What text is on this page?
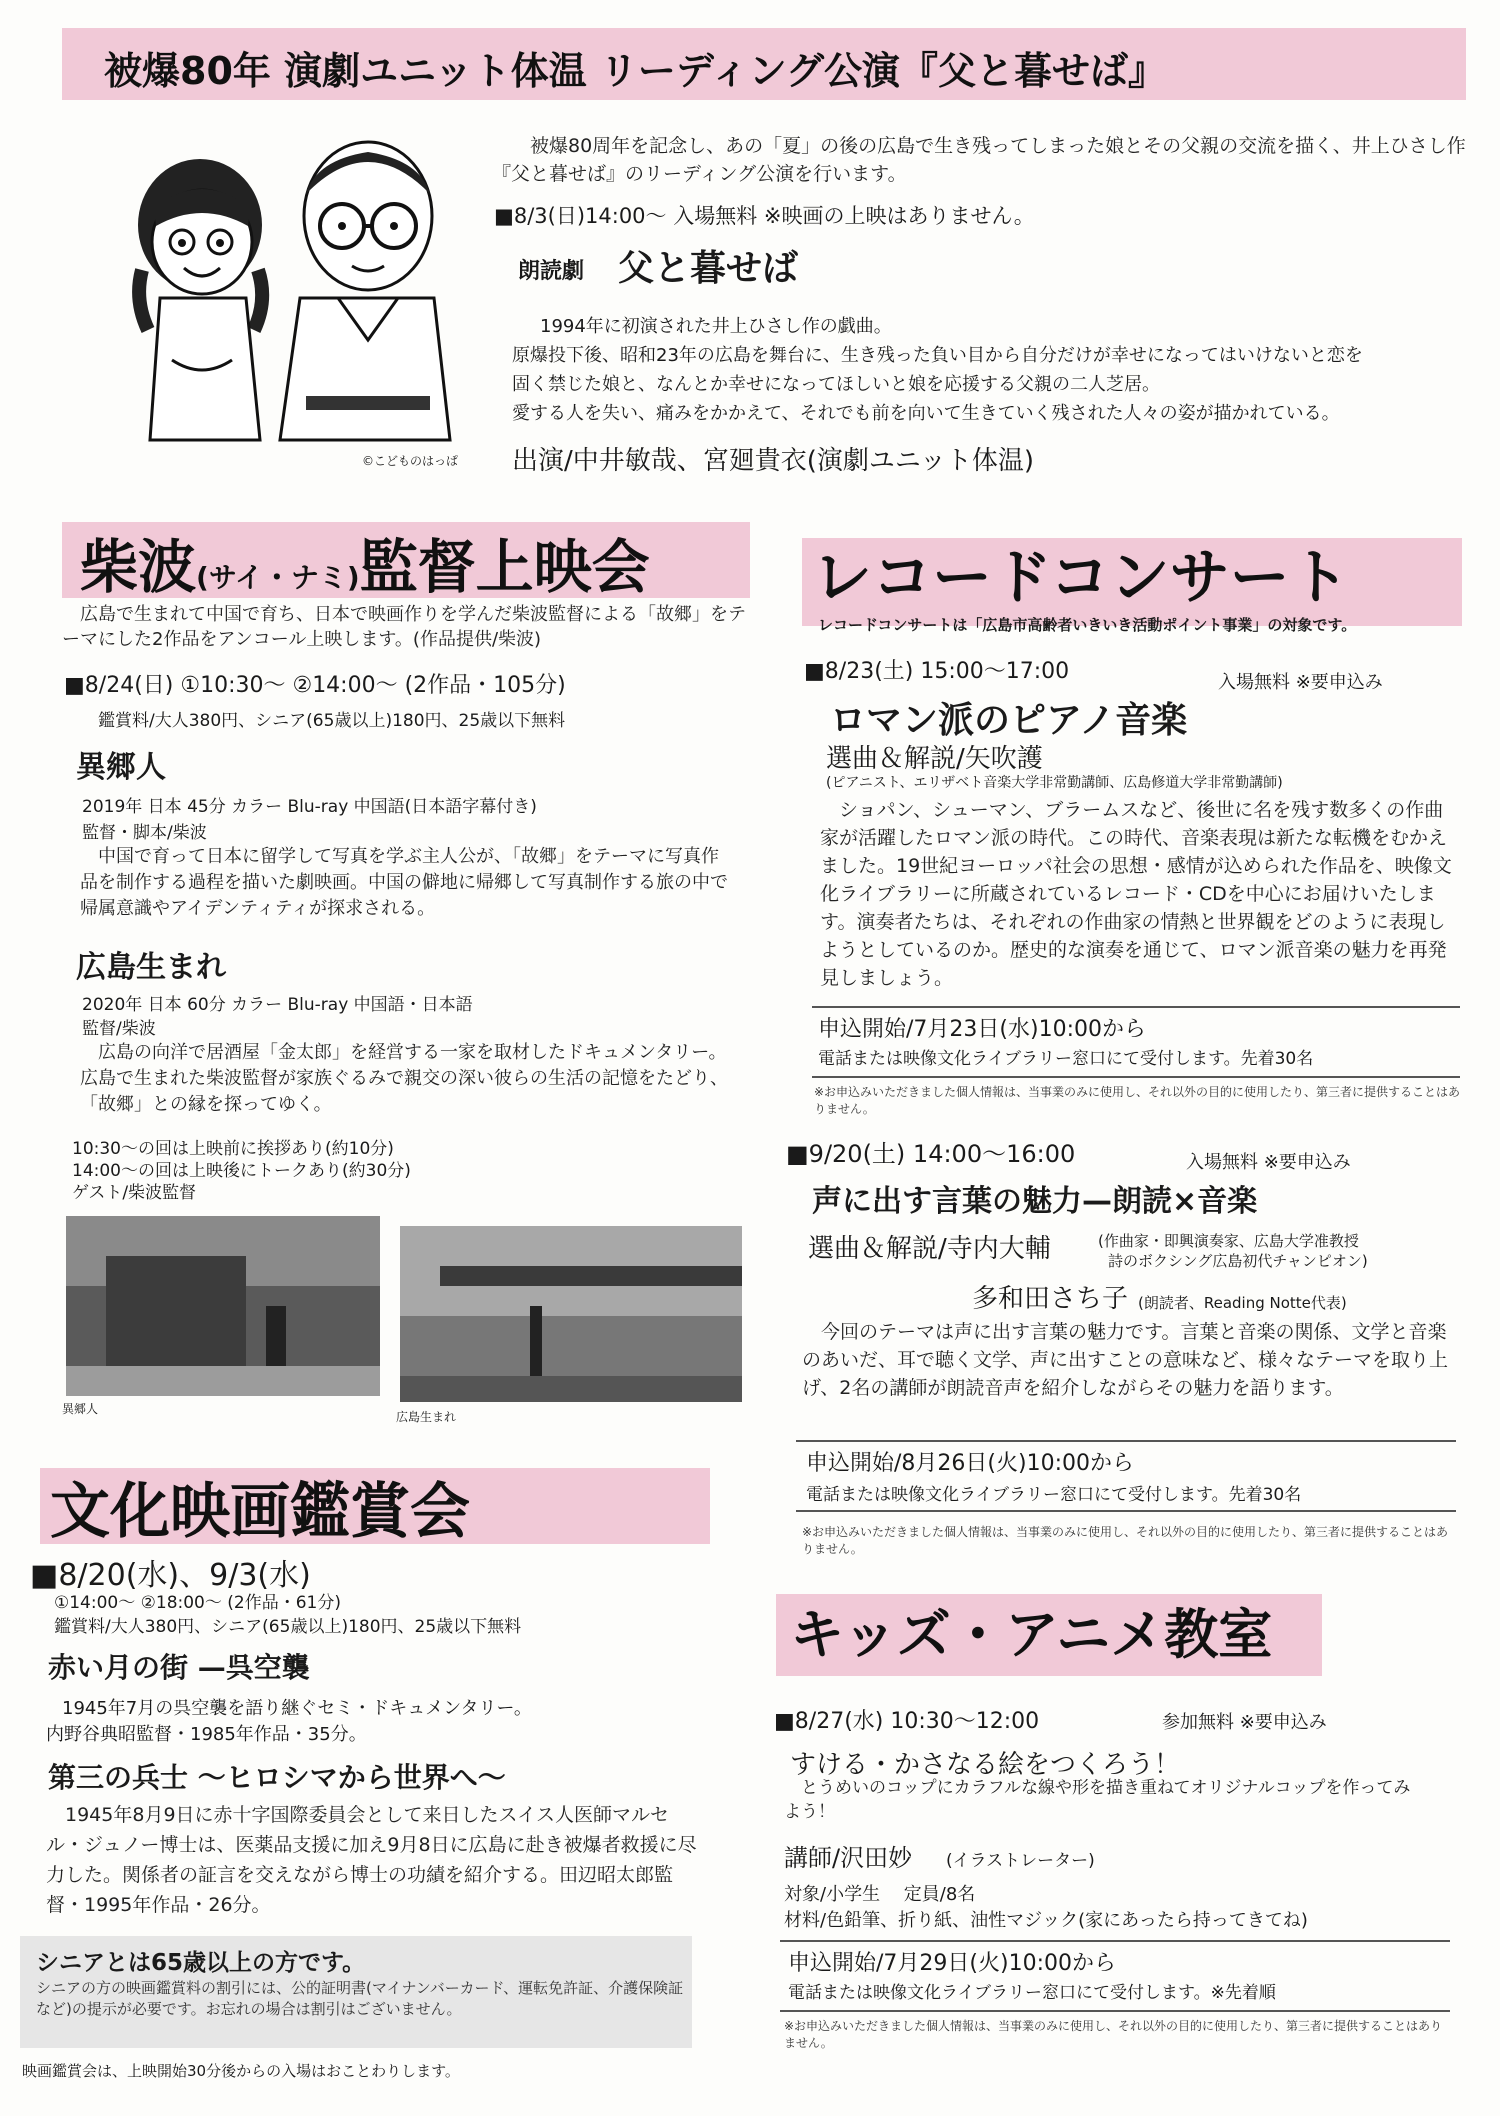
被爆80年 演劇ユニット体温 リーディング公演『父と暮せば』
©こどものはっぱ
被爆80周年を記念し、あの「夏」の後の広島で生き残ってしまった娘とその父親の交流を描く、井上ひさし作『父と暮せば』のリーディング公演を行います。
■8/3(日)14:00～ 入場無料 ※映画の上映はありません。
朗読劇 父と暮せば
1994年に初演された井上ひさし作の戯曲。
原爆投下後、昭和23年の広島を舞台に、生き残った負い目から自分だけが幸せになってはいけないと恋を
固く禁じた娘と、なんとか幸せになってほしいと娘を応援する父親の二人芝居。
愛する人を失い、痛みをかかえて、それでも前を向いて生きていく残された人々の姿が描かれている。
出演/中井敏哉、宮廻貴衣(演劇ユニット体温)
柴波(サイ・ナミ)監督上映会
広島で生まれて中国で育ち、日本で映画作りを学んだ柴波監督による「故郷」をテーマにした2作品をアンコール上映します。(作品提供/柴波)
■8/24(日) ①10:30～ ②14:00～ (2作品・105分)
鑑賞料/大人380円、シニア(65歳以上)180円、25歳以下無料
異郷人
2019年 日本 45分 カラー Blu-ray 中国語(日本語字幕付き)
監督・脚本/柴波
中国で育って日本に留学して写真を学ぶ主人公が、「故郷」をテーマに写真作品を制作する過程を描いた劇映画。中国の僻地に帰郷して写真制作する旅の中で帰属意識やアイデンティティが探求される。
広島生まれ
2020年 日本 60分 カラー Blu-ray 中国語・日本語
監督/柴波
広島の向洋で居酒屋「金太郎」を経営する一家を取材したドキュメンタリー。広島で生まれた柴波監督が家族ぐるみで親交の深い彼らの生活の記憶をたどり、「故郷」との縁を探ってゆく。
10:30～の回は上映前に挨拶あり(約10分)
14:00～の回は上映後にトークあり(約30分)
ゲスト/柴波監督
異郷人
広島生まれ
文化映画鑑賞会
■8/20(水)、9/3(水)
①14:00～ ②18:00～ (2作品・61分)
鑑賞料/大人380円、シニア(65歳以上)180円、25歳以下無料
赤い月の街 —呉空襲
1945年7月の呉空襲を語り継ぐセミ・ドキュメンタリー。
内野谷典昭監督・1985年作品・35分。
第三の兵士 ～ヒロシマから世界へ～
1945年8月9日に赤十字国際委員会として来日したスイス人医師マルセル・ジュノー博士は、医薬品支援に加え9月8日に広島に赴き被爆者救援に尽力した。関係者の証言を交えながら博士の功績を紹介する。田辺昭太郎監督・1995年作品・26分。
シニアとは65歳以上の方です。
シニアの方の映画鑑賞料の割引には、公的証明書(マイナンバーカード、運転免許証、介護保険証など)の提示が必要です。お忘れの場合は割引はございません。
映画鑑賞会は、上映開始30分後からの入場はおことわりします。
レコードコンサート
レコードコンサートは「広島市高齢者いきいき活動ポイント事業」の対象です。
■8/23(土) 15:00～17:00	入場無料 ※要申込み
ロマン派のピアノ音楽
選曲＆解説/矢吹護
(ピアニスト、エリザベト音楽大学非常勤講師、広島修道大学非常勤講師)
ショパン、シューマン、ブラームスなど、後世に名を残す数多くの作曲家が活躍したロマン派の時代。この時代、音楽表現は新たな転機をむかえました。19世紀ヨーロッパ社会の思想・感情が込められた作品を、映像文化ライブラリーに所蔵されているレコード・CDを中心にお届けいたします。演奏者たちは、それぞれの作曲家の情熱と世界観をどのように表現しようとしているのか。歴史的な演奏を通じて、ロマン派音楽の魅力を再発見しましょう。
申込開始/7月23日(水)10:00から
電話または映像文化ライブラリー窓口にて受付します。先着30名
※お申込みいただきました個人情報は、当事業のみに使用し、それ以外の目的に使用したり、第三者に提供することはありません。
■9/20(土) 14:00～16:00	入場無料 ※要申込み
声に出す言葉の魅力—朗読×音楽
選曲＆解説/寺内大輔	(作曲家・即興演奏家、広島大学准教授
詩のボクシング広島初代チャンピオン)
多和田さち子 (朗読者、Reading Notte代表)
今回のテーマは声に出す言葉の魅力です。言葉と音楽の関係、文学と音楽のあいだ、耳で聴く文学、声に出すことの意味など、様々なテーマを取り上げ、2名の講師が朗読音声を紹介しながらその魅力を語ります。
申込開始/8月26日(火)10:00から
電話または映像文化ライブラリー窓口にて受付します。先着30名
※お申込みいただきました個人情報は、当事業のみに使用し、それ以外の目的に使用したり、第三者に提供することはありません。
キッズ・アニメ教室
■8/27(水) 10:30～12:00	参加無料 ※要申込み
すける・かさなる絵をつくろう！
とうめいのコップにカラフルな線や形を描き重ねてオリジナルコップを作ってみよう！
講師/沢田妙 (イラストレーター)
対象/小学生　 定員/8名
材料/色鉛筆、折り紙、油性マジック(家にあったら持ってきてね)
申込開始/7月29日(火)10:00から
電話または映像文化ライブラリー窓口にて受付します。※先着順
※お申込みいただきました個人情報は、当事業のみに使用し、それ以外の目的に使用したり、第三者に提供することはありません。
